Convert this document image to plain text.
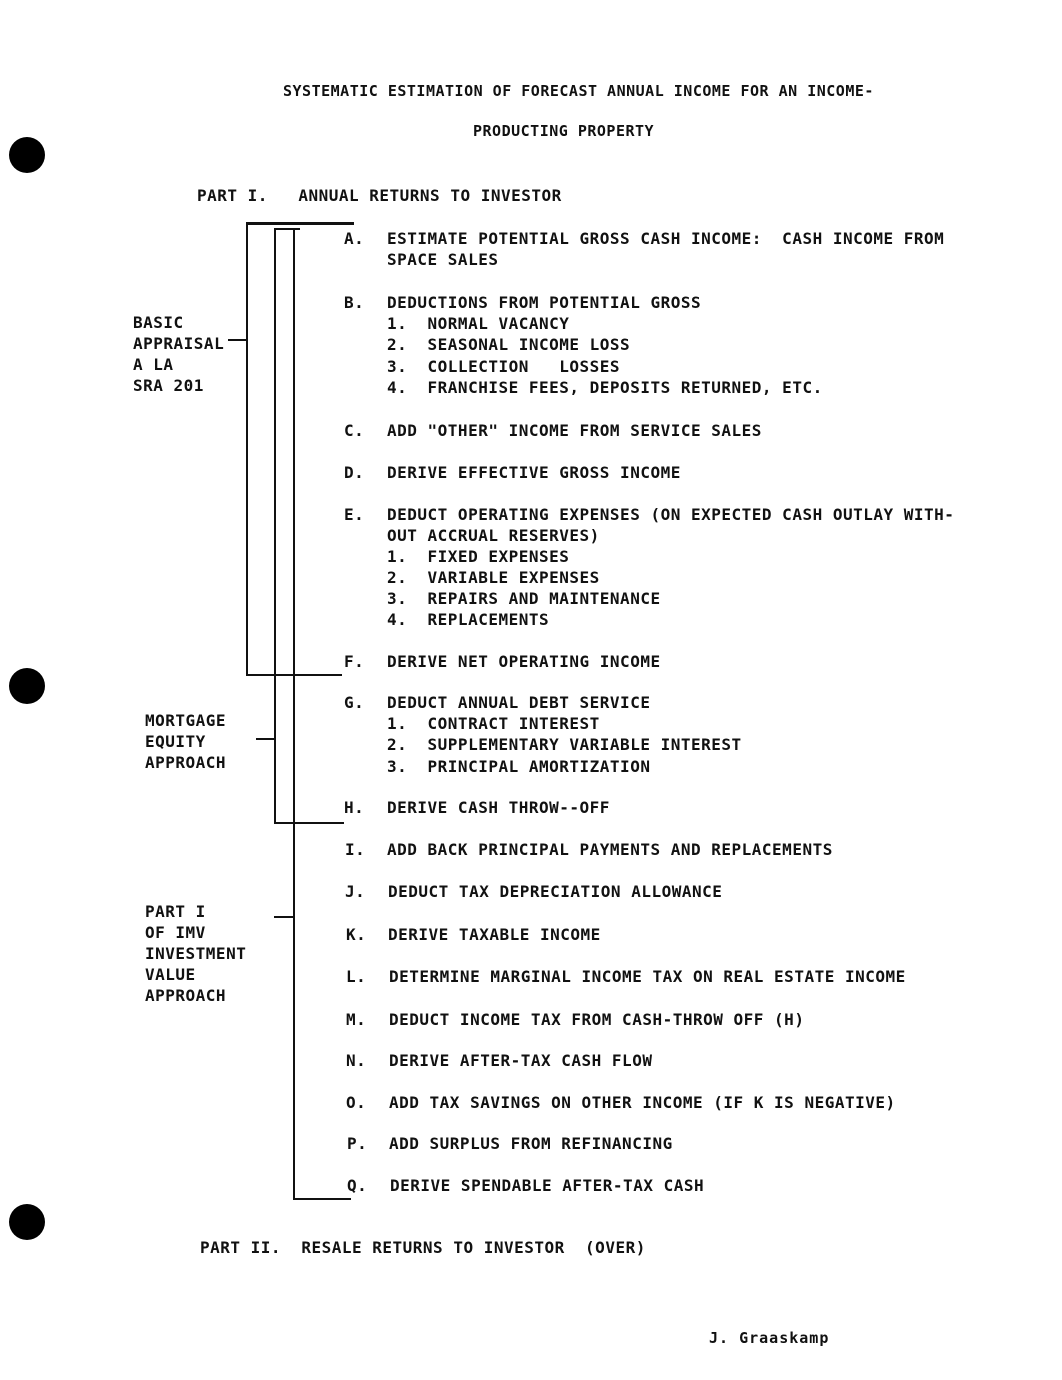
SYSTEMATIC ESTIMATION OF FORECAST ANNUAL INCOME FOR AN INCOME-
PRODUCTING PROPERTY
PART I.   ANNUAL RETURNS TO INVESTOR
BASIC
APPRAISAL
A LA
SRA 201
MORTGAGE
EQUITY
APPROACH
PART I
OF IMV
INVESTMENT
VALUE
APPROACH
A. ESTIMATE POTENTIAL GROSS CASH INCOME:  CASH INCOME FROM
SPACE SALES
B. DEDUCTIONS FROM POTENTIAL GROSS
1.  NORMAL VACANCY
2.  SEASONAL INCOME LOSS
3.  COLLECTION   LOSSES
4.  FRANCHISE FEES, DEPOSITS RETURNED, ETC.
C. ADD "OTHER" INCOME FROM SERVICE SALES
D. DERIVE EFFECTIVE GROSS INCOME
E. DEDUCT OPERATING EXPENSES (ON EXPECTED CASH OUTLAY WITH-
OUT ACCRUAL RESERVES)
1.  FIXED EXPENSES
2.  VARIABLE EXPENSES
3.  REPAIRS AND MAINTENANCE
4.  REPLACEMENTS
F. DERIVE NET OPERATING INCOME
G. DEDUCT ANNUAL DEBT SERVICE
1.  CONTRACT INTEREST
2.  SUPPLEMENTARY VARIABLE INTEREST
3.  PRINCIPAL AMORTIZATION
H. DERIVE CASH THROW--OFF
I. ADD BACK PRINCIPAL PAYMENTS AND REPLACEMENTS
J. DEDUCT TAX DEPRECIATION ALLOWANCE
K. DERIVE TAXABLE INCOME
L. DETERMINE MARGINAL INCOME TAX ON REAL ESTATE INCOME
M. DEDUCT INCOME TAX FROM CASH-THROW OFF (H)
N. DERIVE AFTER-TAX CASH FLOW
O. ADD TAX SAVINGS ON OTHER INCOME (IF K IS NEGATIVE)
P. ADD SURPLUS FROM REFINANCING
Q. DERIVE SPENDABLE AFTER-TAX CASH
PART II.  RESALE RETURNS TO INVESTOR  (OVER)
J. Graaskamp
